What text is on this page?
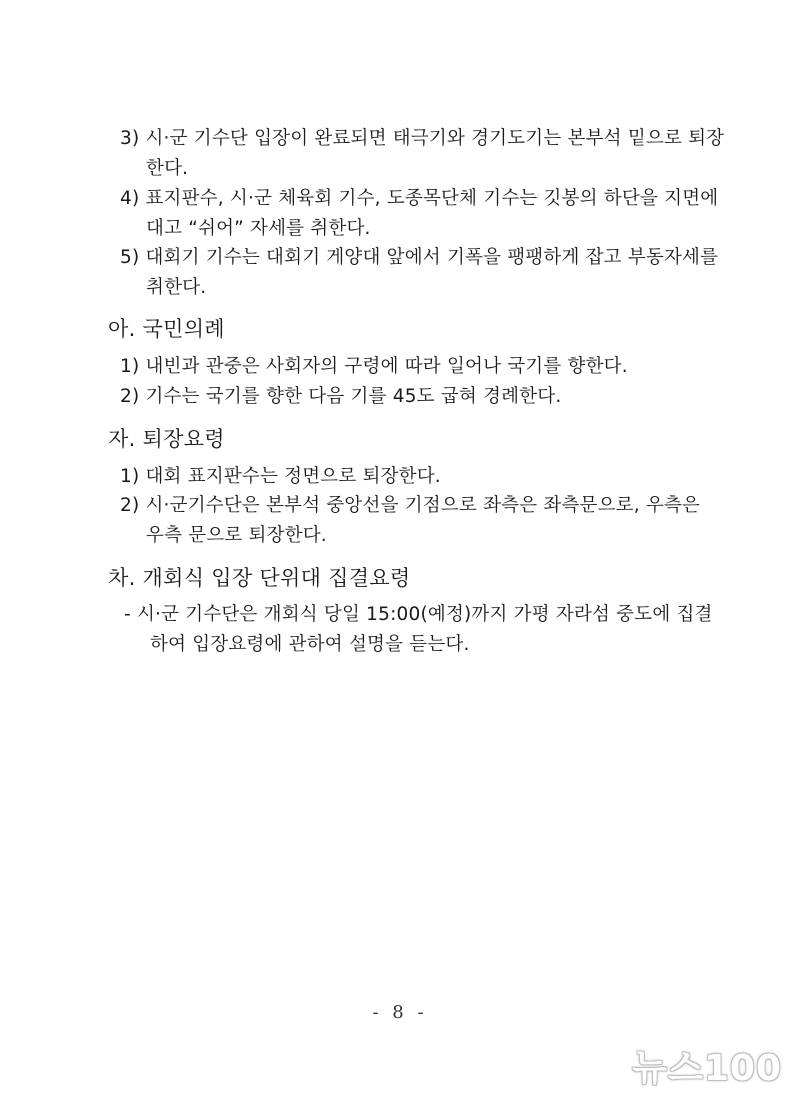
3) 시·군 기수단 입장이 완료되면 태극기와 경기도기는 본부석 밑으로 퇴장
한다.
4) 표지판수, 시·군 체육회 기수, 도종목단체 기수는 깃봉의 하단을 지면에
대고 “쉬어” 자세를 취한다.
5) 대회기 기수는 대회기 게양대 앞에서 기폭을 팽팽하게 잡고 부동자세를
취한다.
아. 국민의례
1) 내빈과 관중은 사회자의 구령에 따라 일어나 국기를 향한다.
2) 기수는 국기를 향한 다음 기를 45도 굽혀 경례한다.
자. 퇴장요령
1) 대회 표지판수는 정면으로 퇴장한다.
2) 시·군기수단은 본부석 중앙선을 기점으로 좌측은 좌측문으로, 우측은
우측 문으로 퇴장한다.
차. 개회식 입장 단위대 집결요령
- 시·군 기수단은 개회식 당일 15:00(예정)까지 가평 자라섬 중도에 집결
하여 입장요령에 관하여 설명을 듣는다.
- 8 -
뉴스100
